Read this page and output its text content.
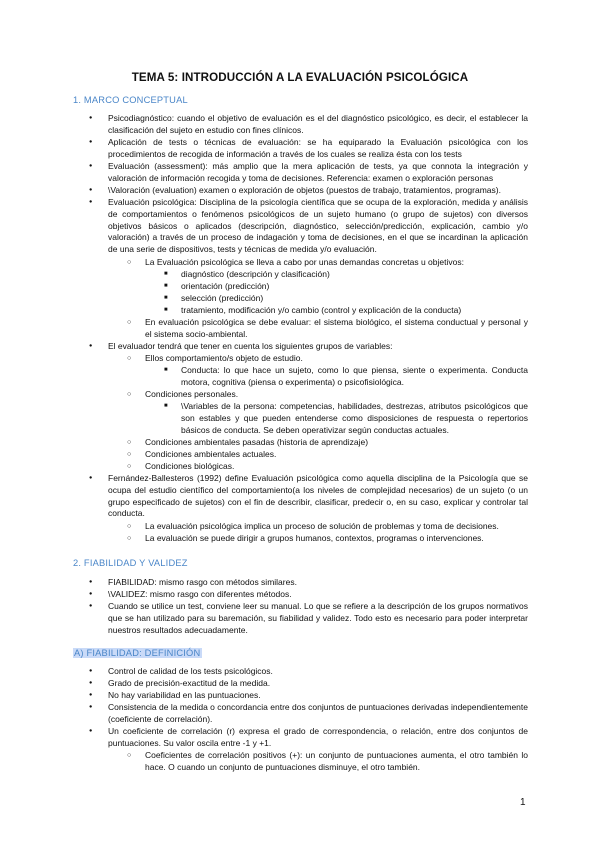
TEMA 5: INTRODUCCIÓN A LA EVALUACIÓN PSICOLÓGICA
1. MARCO CONCEPTUAL
● Psicodiagnóstico: cuando el objetivo de evaluación es el del diagnóstico psicológico, es decir, el establecer la clasificación del sujeto en estudio con fines clínicos.
● Aplicación de tests o técnicas de evaluación: se ha equiparado la Evaluación psicológica con los procedimientos de recogida de información a través de los cuales se realiza ésta con los tests
● Evaluación (assessment): más amplio que la mera aplicación de tests, ya que connota la integración y valoración de información recogida y toma de decisiones. Referencia: examen o exploración personas
● \Valoración (evaluation) examen o exploración de objetos (puestos de trabajo, tratamientos, programas).
● Evaluación psicológica: Disciplina de la psicología científica que se ocupa de la exploración, medida y análisis de comportamientos o fenómenos psicológicos de un sujeto humano (o grupo de sujetos) con diversos objetivos básicos o aplicados (descripción, diagnóstico, selección/predicción, explicación, cambio y/o valoración) a través de un proceso de indagación y toma de decisiones, en el que se incardinan la aplicación de una serie de dispositivos, tests y técnicas de medida y/o evaluación.
○ La Evaluación psicológica se lleva a cabo por unas demandas concretas u objetivos:
■ diagnóstico (descripción y clasificación)
■ orientación (predicción)
■ selección (predicción)
■ tratamiento, modificación y/o cambio (control y explicación de la conducta)
○ En evaluación psicológica se debe evaluar: el sistema biológico, el sistema conductual y personal y el sistema socio-ambiental.
● El evaluador tendrá que tener en cuenta los siguientes grupos de variables:
○ Ellos comportamiento/s objeto de estudio.
■ Conducta: lo que hace un sujeto, como lo que piensa, siente o experimenta. Conducta motora, cognitiva (piensa o experimenta) o psicofisiológica.
○ Condiciones personales.
■ \Variables de la persona: competencias, habilidades, destrezas, atributos psicológicos que son estables y que pueden entenderse como disposiciones de respuesta o repertorios básicos de conducta. Se deben operativizar según conductas actuales.
○ Condiciones ambientales pasadas (historia de aprendizaje)
○ Condiciones ambientales actuales.
○ Condiciones biológicas.
● Fernández-Ballesteros (1992) define Evaluación psicológica como aquella disciplina de la Psicología que se ocupa del estudio científico del comportamiento(a los niveles de complejidad necesarios) de un sujeto (o un grupo especificado de sujetos) con el fin de describir, clasificar, predecir o, en su caso, explicar y controlar tal conducta.
○ La evaluación psicológica implica un proceso de solución de problemas y toma de decisiones.
○ La evaluación se puede dirigir a grupos humanos, contextos, programas o intervenciones.
2. FIABILIDAD Y VALIDEZ
● FIABILIDAD: mismo rasgo con métodos similares.
● \VALIDEZ: mismo rasgo con diferentes métodos.
● Cuando se utilice un test, conviene leer su manual. Lo que se refiere a la descripción de los grupos normativos que se han utilizado para su baremación, su fiabilidad y validez. Todo esto es necesario para poder interpretar nuestros resultados adecuadamente.
A) FIABILIDAD: DEFINICIÓN
● Control de calidad de los tests psicológicos.
● Grado de precisión-exactitud de la medida.
● No hay variabilidad en las puntuaciones.
● Consistencia de la medida o concordancia entre dos conjuntos de puntuaciones derivadas independientemente (coeficiente de correlación).
● Un coeficiente de correlación (r) expresa el grado de correspondencia, o relación, entre dos conjuntos de puntuaciones. Su valor oscila entre -1 y +1.
○ Coeficientes de correlación positivos (+): un conjunto de puntuaciones aumenta, el otro también lo hace. O cuando un conjunto de puntuaciones disminuye, el otro también.
1
